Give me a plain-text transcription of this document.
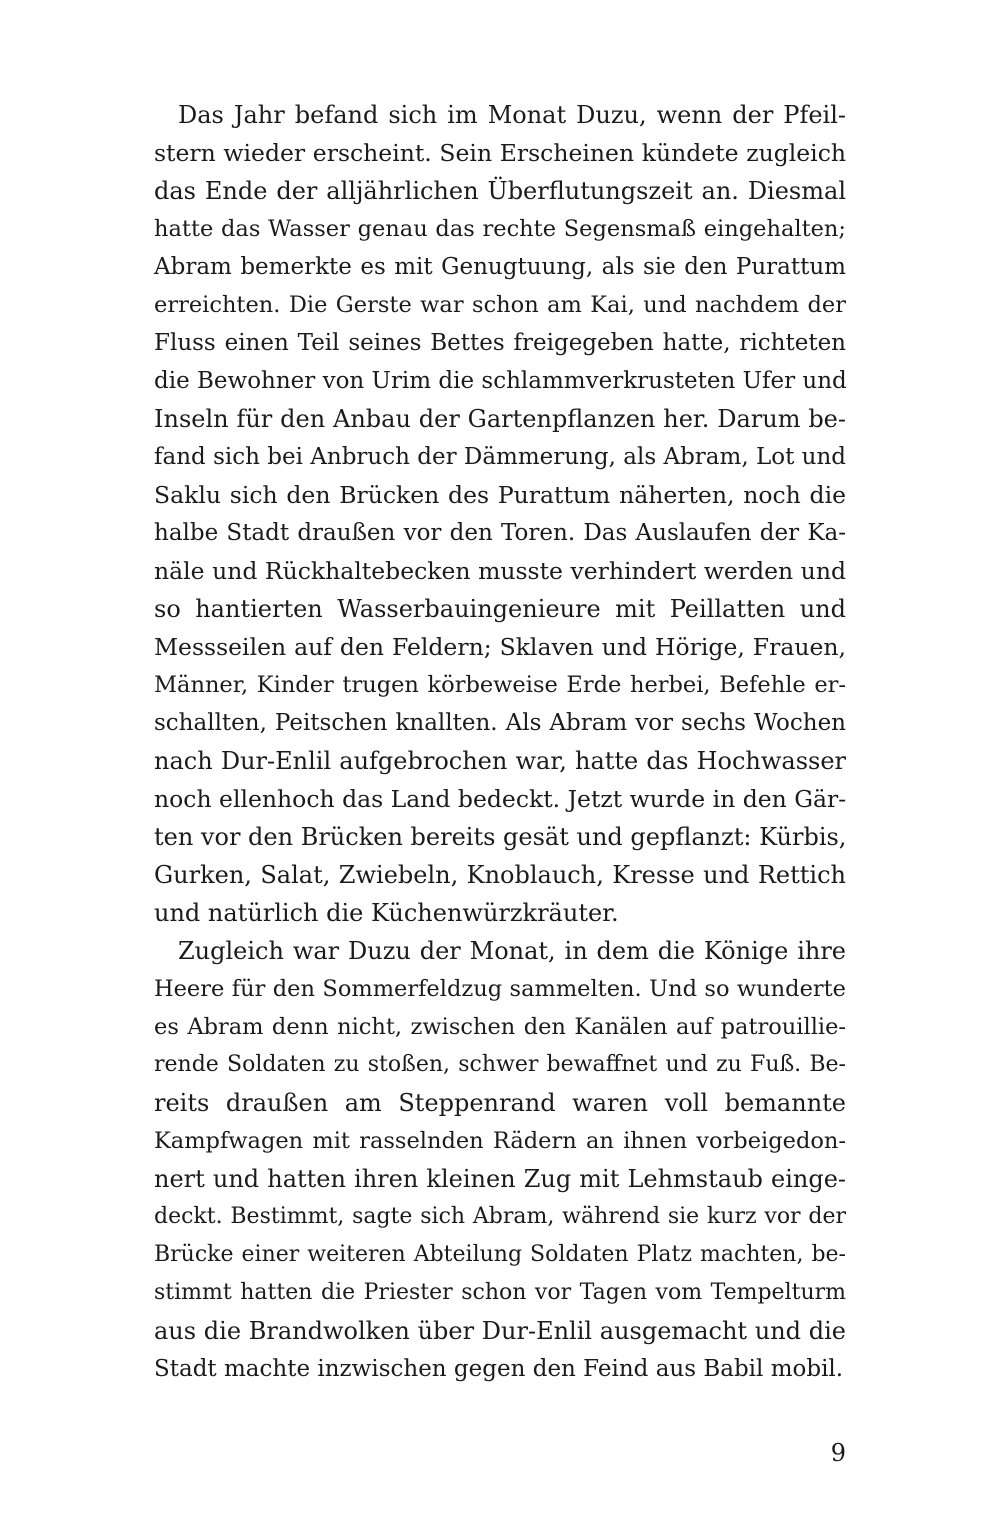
Das Jahr befand sich im Monat Duzu, wenn der Pfeil-
stern wieder erscheint. Sein Erscheinen kündete zugleich
das Ende der alljährlichen Überflutungszeit an. Diesmal
hatte das Wasser genau das rechte Segensmaß eingehalten;
Abram bemerkte es mit Genugtuung, als sie den Purattum
erreichten. Die Gerste war schon am Kai, und nachdem der
Fluss einen Teil seines Bettes freigegeben hatte, richteten
die Bewohner von Urim die schlammverkrusteten Ufer und
Inseln für den Anbau der Gartenpflanzen her. Darum be-
fand sich bei Anbruch der Dämmerung, als Abram, Lot und
Saklu sich den Brücken des Purattum näherten, noch die
halbe Stadt draußen vor den Toren. Das Auslaufen der Ka-
näle und Rückhaltebecken musste verhindert werden und
so hantierten Wasserbauingenieure mit Peillatten und
Messseilen auf den Feldern; Sklaven und Hörige, Frauen,
Männer, Kinder trugen körbeweise Erde herbei, Befehle er-
schallten, Peitschen knallten. Als Abram vor sechs Wochen
nach Dur-Enlil aufgebrochen war, hatte das Hochwasser
noch ellenhoch das Land bedeckt. Jetzt wurde in den Gär-
ten vor den Brücken bereits gesät und gepflanzt: Kürbis,
Gurken, Salat, Zwiebeln, Knoblauch, Kresse und Rettich
und natürlich die Küchenwürzkräuter.
Zugleich war Duzu der Monat, in dem die Könige ihre
Heere für den Sommerfeldzug sammelten. Und so wunderte
es Abram denn nicht, zwischen den Kanälen auf patrouillie-
rende Soldaten zu stoßen, schwer bewaffnet und zu Fuß. Be-
reits draußen am Steppenrand waren voll bemannte
Kampfwagen mit rasselnden Rädern an ihnen vorbeigedon-
nert und hatten ihren kleinen Zug mit Lehmstaub einge-
deckt. Bestimmt, sagte sich Abram, während sie kurz vor der
Brücke einer weiteren Abteilung Soldaten Platz machten, be-
stimmt hatten die Priester schon vor Tagen vom Tempelturm
aus die Brandwolken über Dur-Enlil ausgemacht und die
Stadt machte inzwischen gegen den Feind aus Babil mobil.
9
